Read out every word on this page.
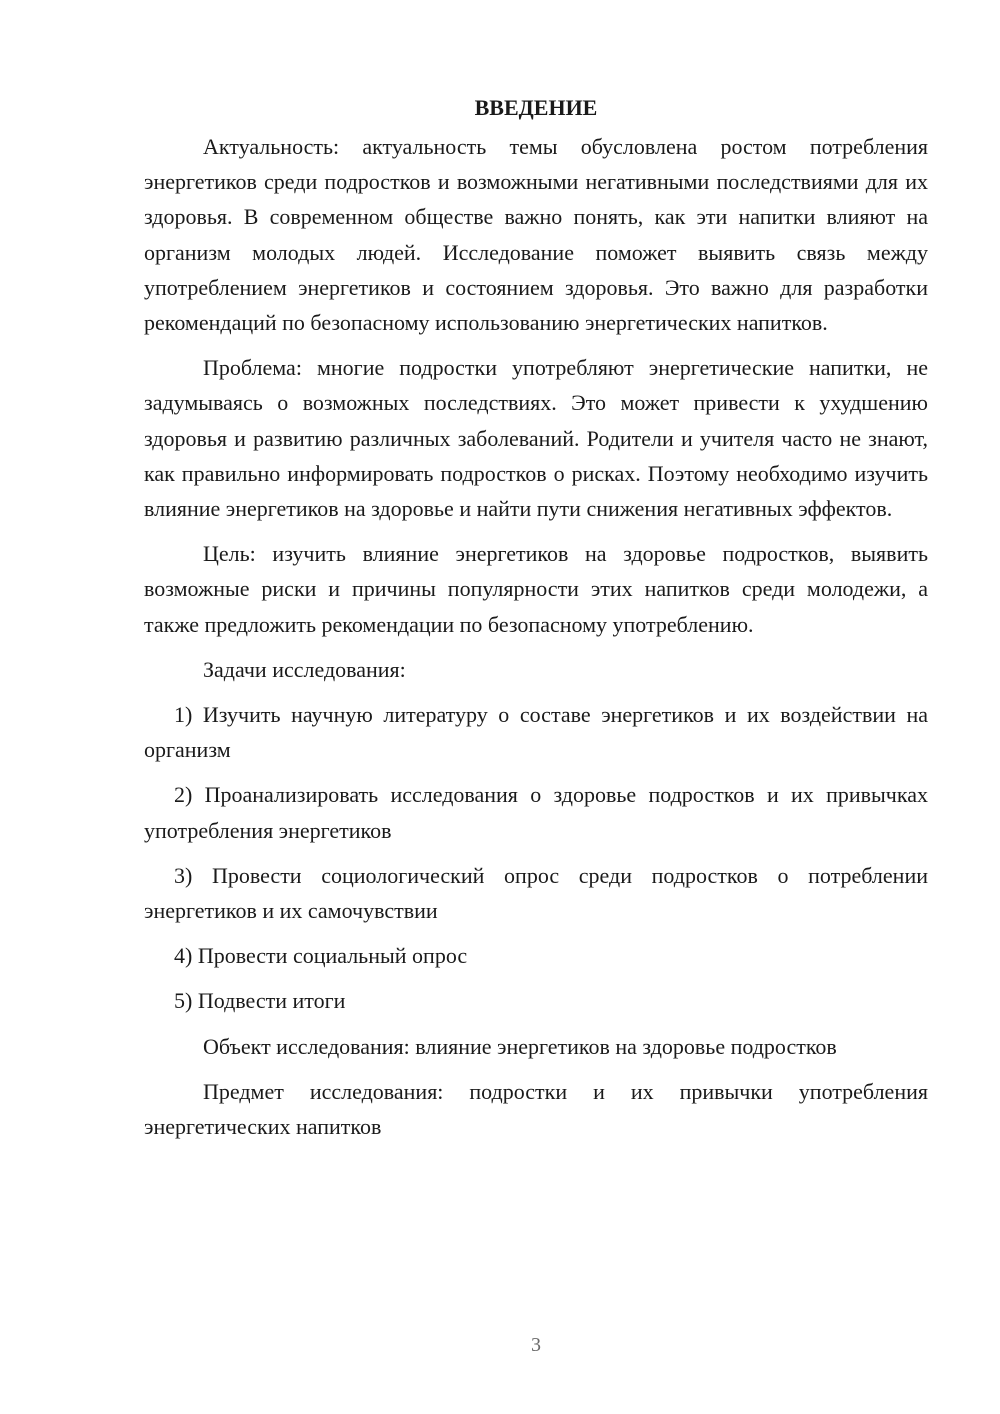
ВВЕДЕНИЕ

Актуальность: актуальность темы обусловлена ростом потребления энергетиков среди подростков и возможными негативными последствиями для их здоровья. В современном обществе важно понять, как эти напитки влияют на организм молодых людей. Исследование поможет выявить связь между употреблением энергетиков и состоянием здоровья. Это важно для разработки рекомендаций по безопасному использованию энергетических напитков.

Проблема: многие подростки употребляют энергетические напитки, не задумываясь о возможных последствиях. Это может привести к ухудшению здоровья и развитию различных заболеваний. Родители и учителя часто не знают, как правильно информировать подростков о рисках. Поэтому необходимо изучить влияние энергетиков на здоровье и найти пути снижения негативных эффектов.

Цель: изучить влияние энергетиков на здоровье подростков, выявить возможные риски и причины популярности этих напитков среди молодежи, а также предложить рекомендации по безопасному употреблению.

Задачи исследования:

1) Изучить научную литературу о составе энергетиков и их воздействии на организм

2) Проанализировать исследования о здоровье подростков и их привычках употребления энергетиков

3) Провести социологический опрос среди подростков о потреблении энергетиков и их самочувствии

4) Провести социальный опрос

5) Подвести итоги

Объект исследования: влияние энергетиков на здоровье подростков

Предмет исследования: подростки и их привычки употребления энергетических напитков

3
